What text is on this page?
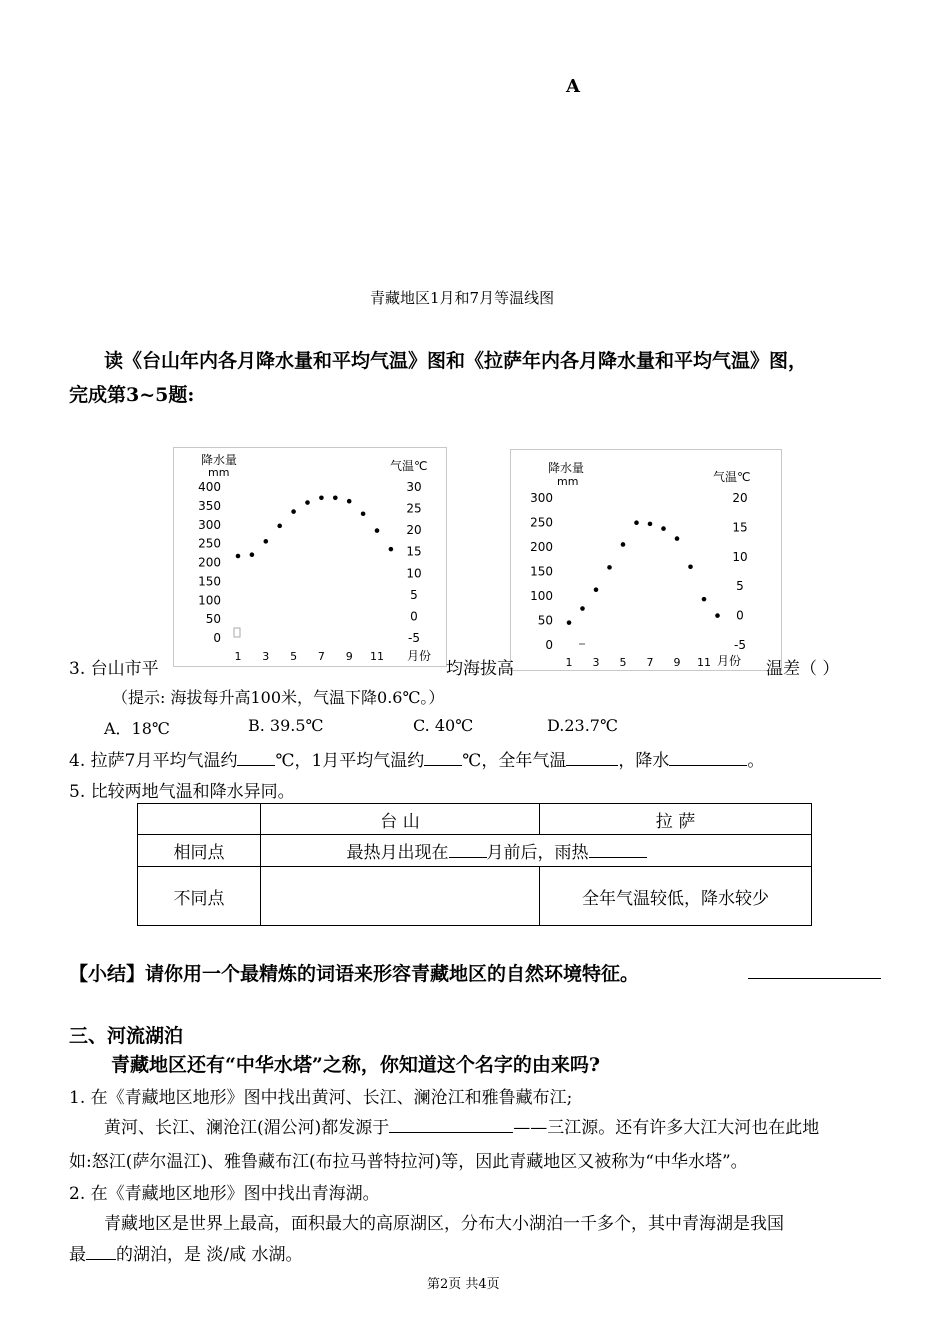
A
青藏地区1月和7月等温线图
读《台山年内各月降水量和平均气温》图和《拉萨年内各月降水量和平均气温》图，
完成第3~5题:
降水量
mm	气温℃
400
350
300
250
200
150
100
50
0
30
25
20
15
10
5
0
-5
1 3 5 7 9 11 月份
降水量
mm	气温℃
300
250
200
150
100
50
0
20
15
10
5
0
-5
1 3 5 7 9 11 月份
3. 台山市平	均海拔高	温差（ ）
（提示: 海拔每升高100米，气温下降0.6℃。）
A．18℃	B. 39.5℃	C. 40℃	D.23.7℃
4. 拉萨7月平均气温约 ℃，1月平均气温约 ℃，全年气温	，降水	。
5. 比较两地气温和降水异同。
	台 山	拉 萨
相同点	最热月出现在 月前后，雨热	
不同点		全年气温较低，降水较少
【小结】请你用一个最精炼的词语来形容青藏地区的自然环境特征。
三、河流湖泊
青藏地区还有“中华水塔”之称，你知道这个名字的由来吗?
1. 在《青藏地区地形》图中找出黄河、长江、澜沧江和雅鲁藏布江;
黄河、长江、澜沧江(湄公河)都发源于	——三江源。还有许多大江大河也在此地
如:怒江(萨尔温江)、雅鲁藏布江(布拉马普特拉河)等，因此青藏地区又被称为“中华水塔”。
2. 在《青藏地区地形》图中找出青海湖。
青藏地区是世界上最高，面积最大的高原湖区，分布大小湖泊一千多个，其中青海湖是我国
最 的湖泊，是 淡/咸 水湖。
第2页 共4页
